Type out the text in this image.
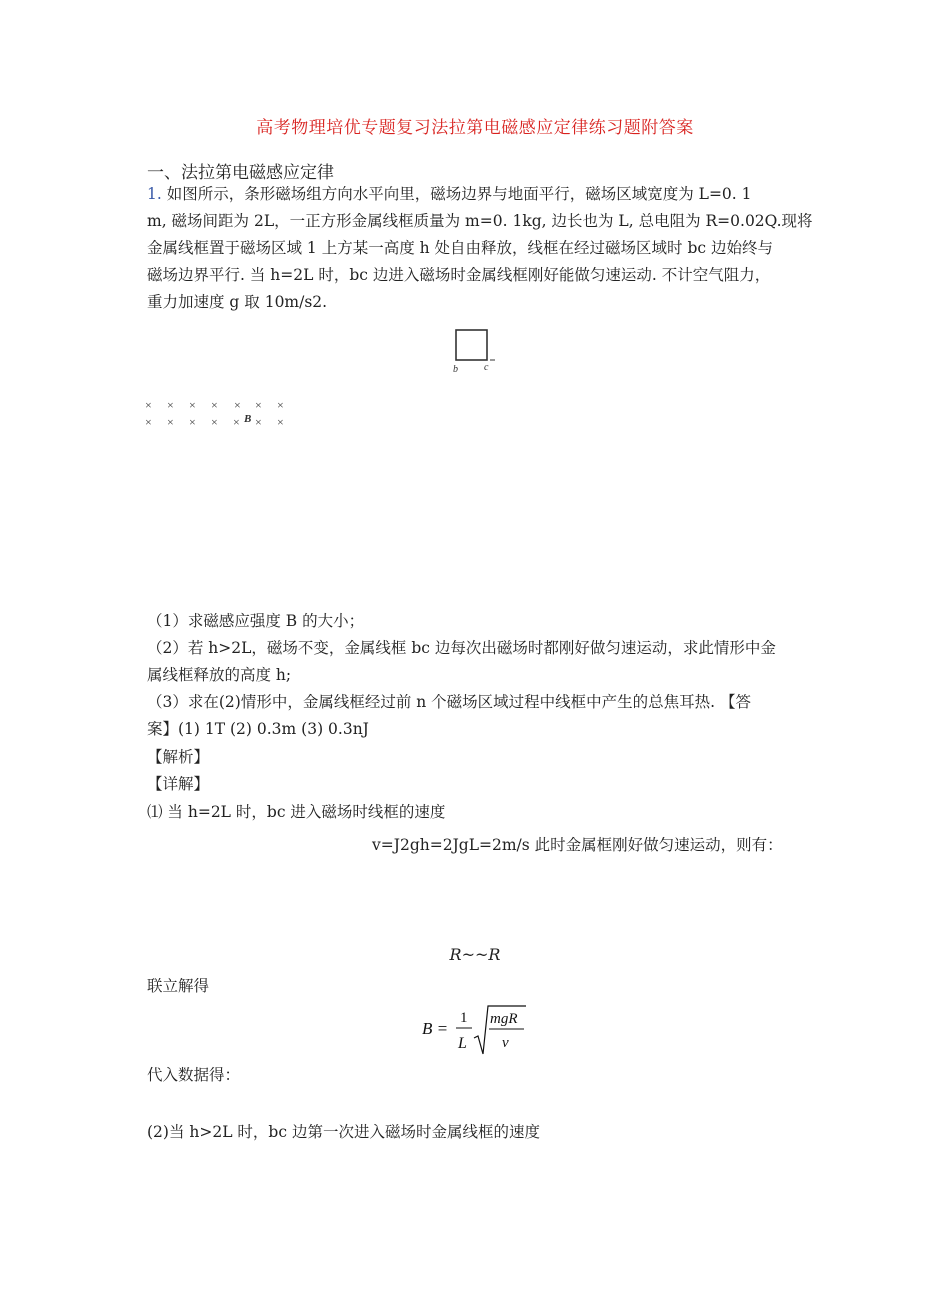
高考物理培优专题复习法拉第电磁感应定律练习题附答案
一、法拉第电磁感应定律
1. 如图所示，条形磁场组方向水平向里，磁场边界与地面平行，磁场区域宽度为 L=0. 1
m, 磁场间距为 2L，一正方形金属线框质量为 m=0. 1kg, 边长也为 L, 总电阻为 R=0.02Q.现将
金属线框置于磁场区域 1 上方某一高度 h 处自由释放，线框在经过磁场区域时 bc 边始终与
磁场边界平行. 当 h=2L 时，bc 边进入磁场时金属线框刚好能做匀速运动. 不计空气阻力，
重力加速度 g 取 10m/s2.
b	c
× × × × × × ×
× × × × × × ×
B
（1）求磁感应强度 B 的大小；
（2）若 h>2L，磁场不变，金属线框 bc 边每次出磁场时都刚好做匀速运动，求此情形中金
属线框释放的高度 h;
（3）求在(2)情形中，金属线框经过前 n 个磁场区域过程中线框中产生的总焦耳热. 【答
案】(1) 1T (2) 0.3m (3) 0.3nJ
【解析】
【详解】
⑴ 当 h=2L 时，bc 进入磁场时线框的速度
v=J2gh=2JgL=2m/s 此时金属框刚好做匀速运动，则有：
R~~R
联立解得
B =
1
L
mgR
v
代入数据得：
(2)当 h>2L 时，bc 边第一次进入磁场时金属线框的速度
